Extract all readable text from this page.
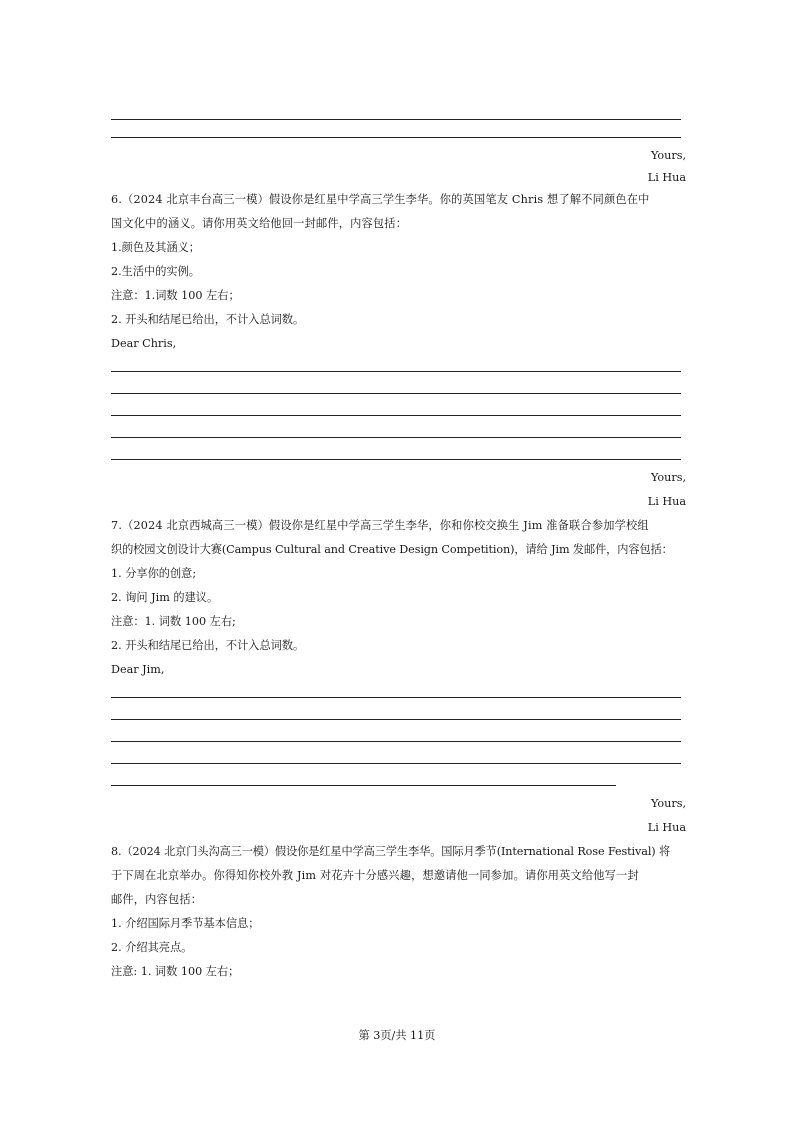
Yours,
Li Hua
6.（2024 北京丰台高三一模）假设你是红星中学高三学生李华。你的英国笔友 Chris 想了解不同颜色在中
国文化中的涵义。请你用英文给他回一封邮件，内容包括：
1.颜色及其涵义；
2.生活中的实例。
注意：1.词数 100 左右；
2. 开头和结尾已给出，不计入总词数。
Dear Chris,
Yours,
Li Hua
7.（2024 北京西城高三一模）假设你是红星中学高三学生李华，你和你校交换生 Jim 准备联合参加学校组
织的校园文创设计大赛(Campus Cultural and Creative Design Competition)，请给 Jim 发邮件，内容包括：
1. 分享你的创意;
2. 询问 Jim 的建议。
注意：1. 词数 100 左右;
2. 开头和结尾已给出，不计入总词数。
Dear Jim,
Yours,
Li Hua
8.（2024 北京门头沟高三一模）假设你是红星中学高三学生李华。国际月季节(International Rose Festival) 将
于下周在北京举办。你得知你校外教 Jim 对花卉十分感兴趣，想邀请他一同参加。请你用英文给他写一封
邮件，内容包括：
1. 介绍国际月季节基本信息；
2. 介绍其亮点。
注意: 1. 词数 100 左右；
第 3页/共 11页
